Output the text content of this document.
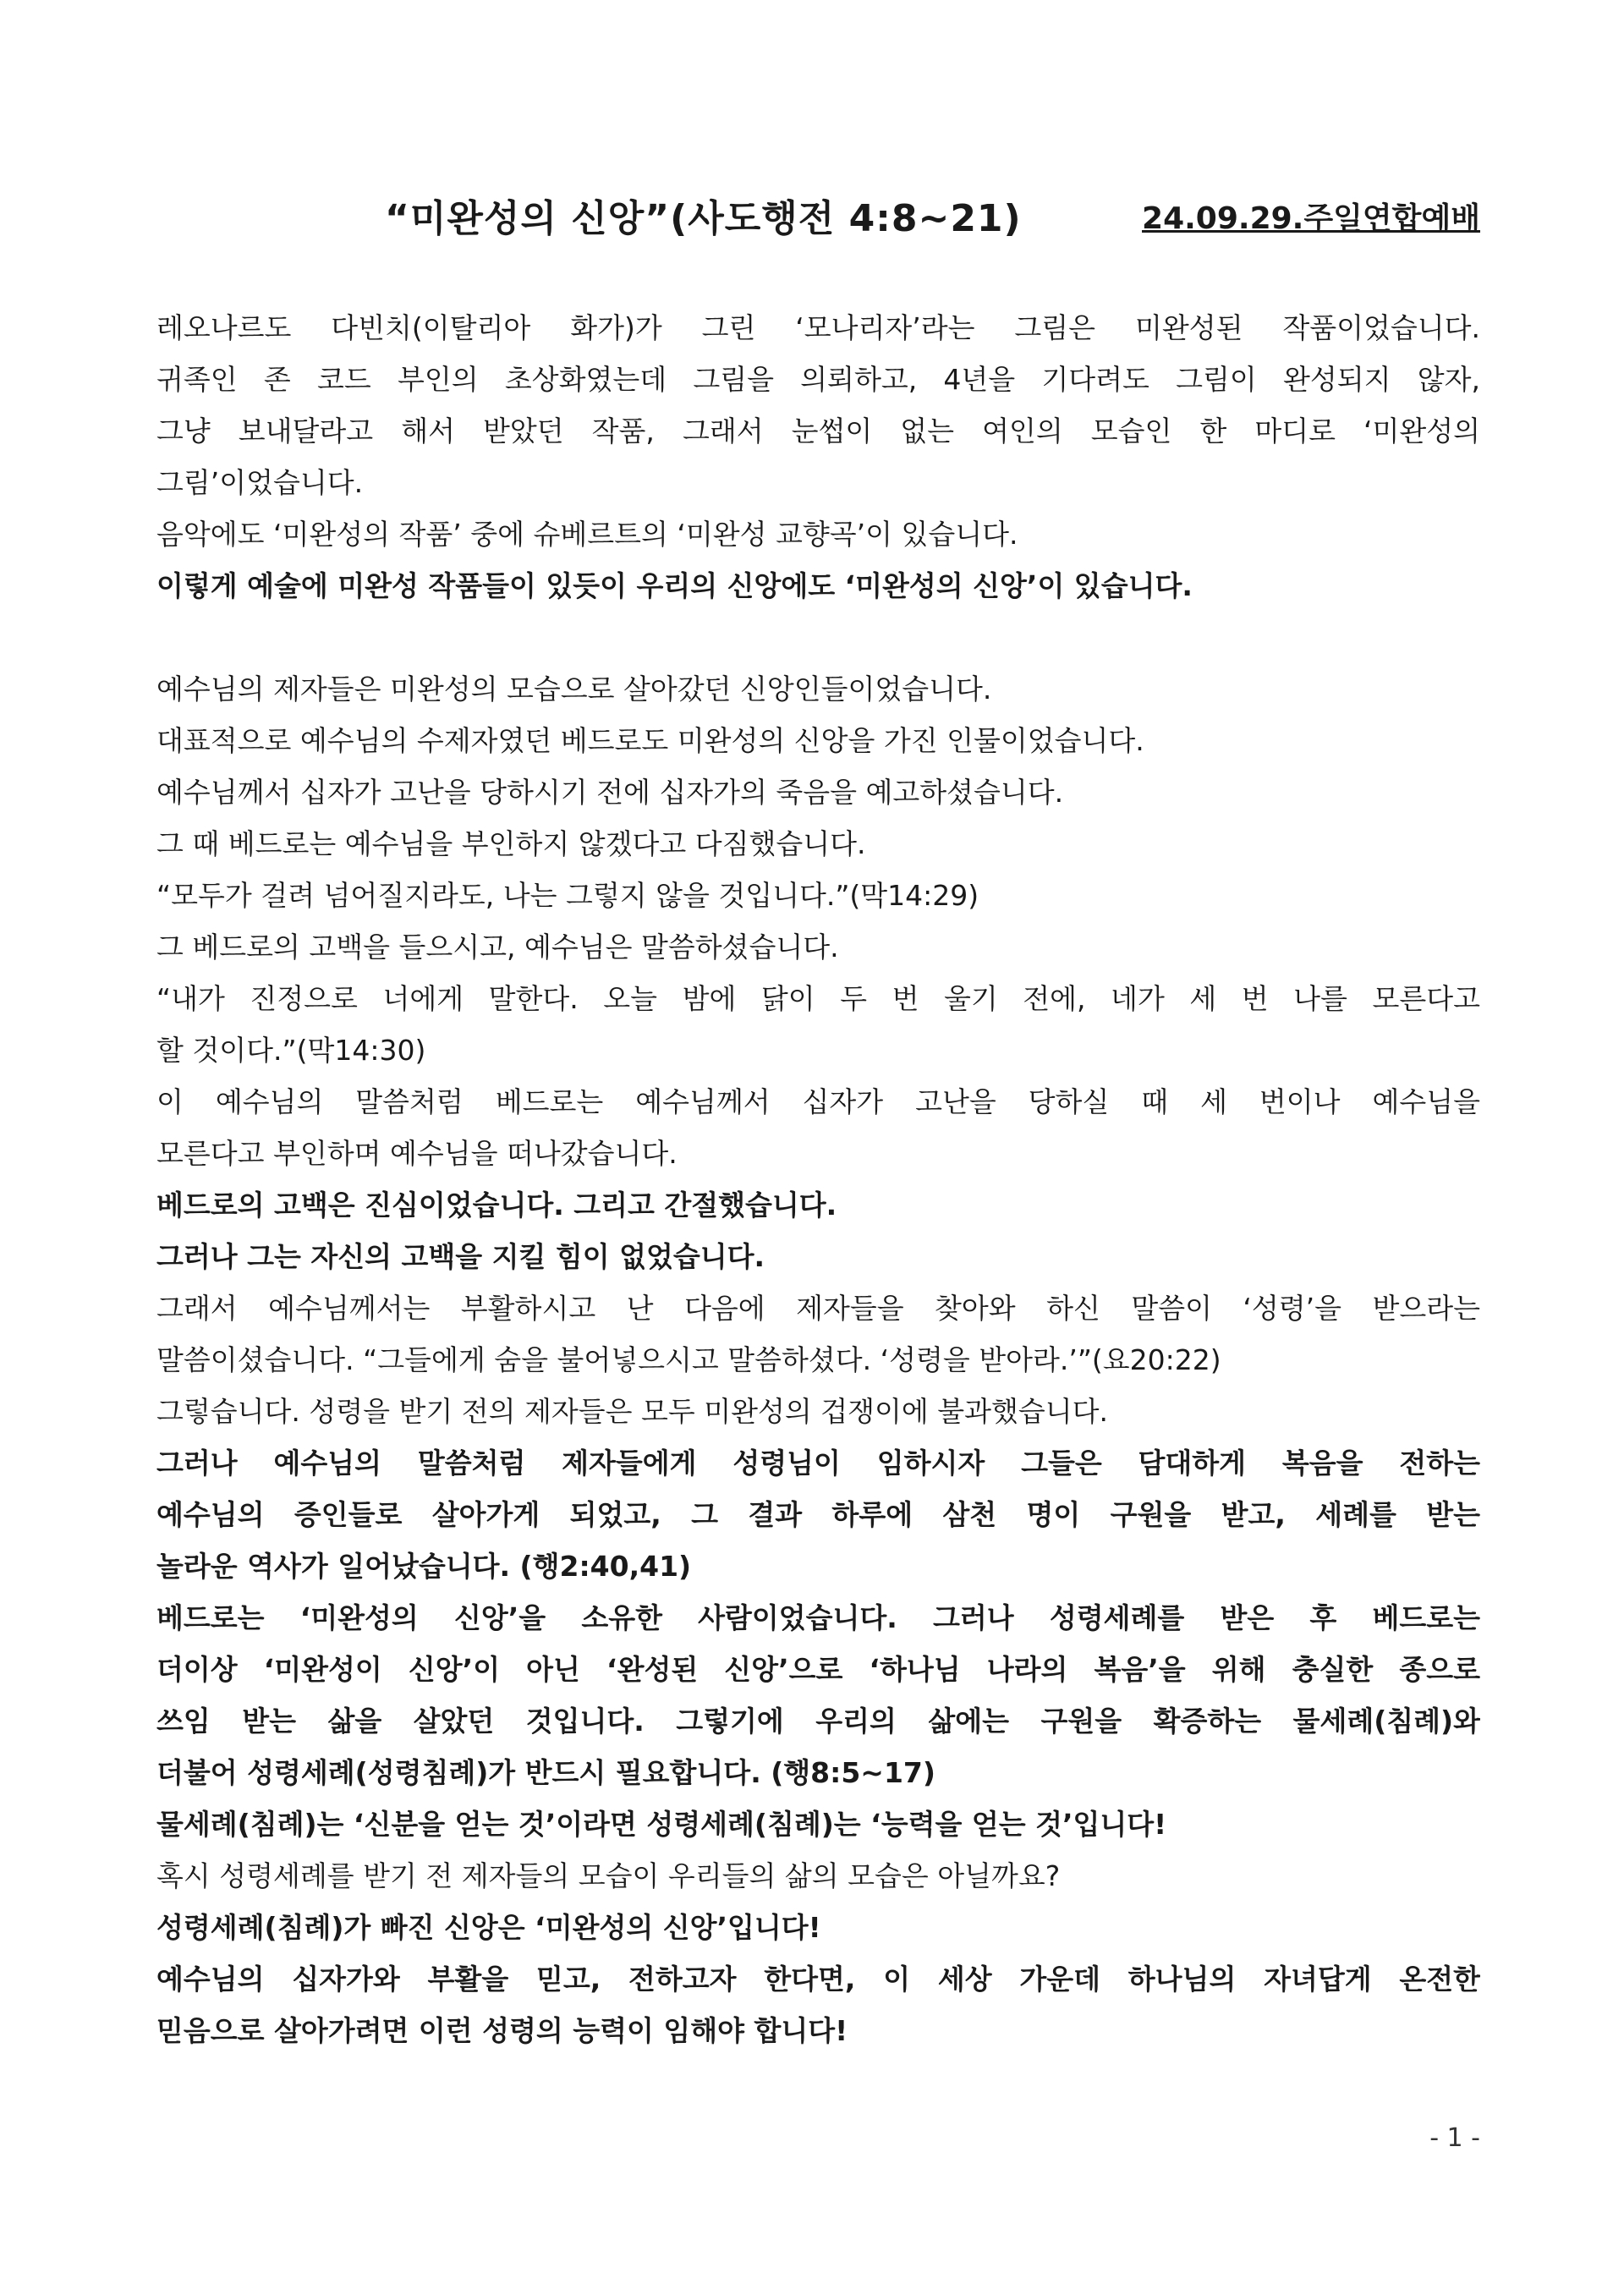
“미완성의 신앙”(사도행전 4:8~21)	24.09.29.주일연합예배
레오나르도 다빈치(이탈리아 화가)가 그린 ‘모나리자’라는 그림은 미완성된 작품이었습니다.
귀족인 존 코드 부인의 초상화였는데 그림을 의뢰하고, 4년을 기다려도 그림이 완성되지 않자,
그냥 보내달라고 해서 받았던 작품, 그래서 눈썹이 없는 여인의 모습인 한 마디로 ‘미완성의
그림’이었습니다.
음악에도 ‘미완성의 작품’ 중에 슈베르트의 ‘미완성 교향곡’이 있습니다.
이렇게 예술에 미완성 작품들이 있듯이 우리의 신앙에도 ‘미완성의 신앙’이 있습니다.
예수님의 제자들은 미완성의 모습으로 살아갔던 신앙인들이었습니다.
대표적으로 예수님의 수제자였던 베드로도 미완성의 신앙을 가진 인물이었습니다.
예수님께서 십자가 고난을 당하시기 전에 십자가의 죽음을 예고하셨습니다.
그 때 베드로는 예수님을 부인하지 않겠다고 다짐했습니다.
“모두가 걸려 넘어질지라도, 나는 그렇지 않을 것입니다.”(막14:29)
그 베드로의 고백을 들으시고, 예수님은 말씀하셨습니다.
“내가 진정으로 너에게 말한다. 오늘 밤에 닭이 두 번 울기 전에, 네가 세 번 나를 모른다고
할 것이다.”(막14:30)
이 예수님의 말씀처럼 베드로는 예수님께서 십자가 고난을 당하실 때 세 번이나 예수님을
모른다고 부인하며 예수님을 떠나갔습니다.
베드로의 고백은 진심이었습니다. 그리고 간절했습니다.
그러나 그는 자신의 고백을 지킬 힘이 없었습니다.
그래서 예수님께서는 부활하시고 난 다음에 제자들을 찾아와 하신 말씀이 ‘성령’을 받으라는
말씀이셨습니다. “그들에게 숨을 불어넣으시고 말씀하셨다. ‘성령을 받아라.’”(요20:22)
그렇습니다. 성령을 받기 전의 제자들은 모두 미완성의 겁쟁이에 불과했습니다.
그러나 예수님의 말씀처럼 제자들에게 성령님이 임하시자 그들은 담대하게 복음을 전하는
예수님의 증인들로 살아가게 되었고, 그 결과 하루에 삼천 명이 구원을 받고, 세례를 받는
놀라운 역사가 일어났습니다. (행2:40,41)
베드로는 ‘미완성의 신앙’을 소유한 사람이었습니다. 그러나 성령세례를 받은 후 베드로는
더이상 ‘미완성이 신앙’이 아닌 ‘완성된 신앙’으로 ‘하나님 나라의 복음’을 위해 충실한 종으로
쓰임 받는 삶을 살았던 것입니다. 그렇기에 우리의 삶에는 구원을 확증하는 물세례(침례)와
더불어 성령세례(성령침례)가 반드시 필요합니다. (행8:5~17)
물세례(침례)는 ‘신분을 얻는 것’이라면 성령세례(침례)는 ‘능력을 얻는 것’입니다!
혹시 성령세례를 받기 전 제자들의 모습이 우리들의 삶의 모습은 아닐까요?
성령세례(침례)가 빠진 신앙은 ‘미완성의 신앙’입니다!
예수님의 십자가와 부활을 믿고, 전하고자 한다면, 이 세상 가운데 하나님의 자녀답게 온전한
믿음으로 살아가려면 이런 성령의 능력이 임해야 합니다!
- 1 -
